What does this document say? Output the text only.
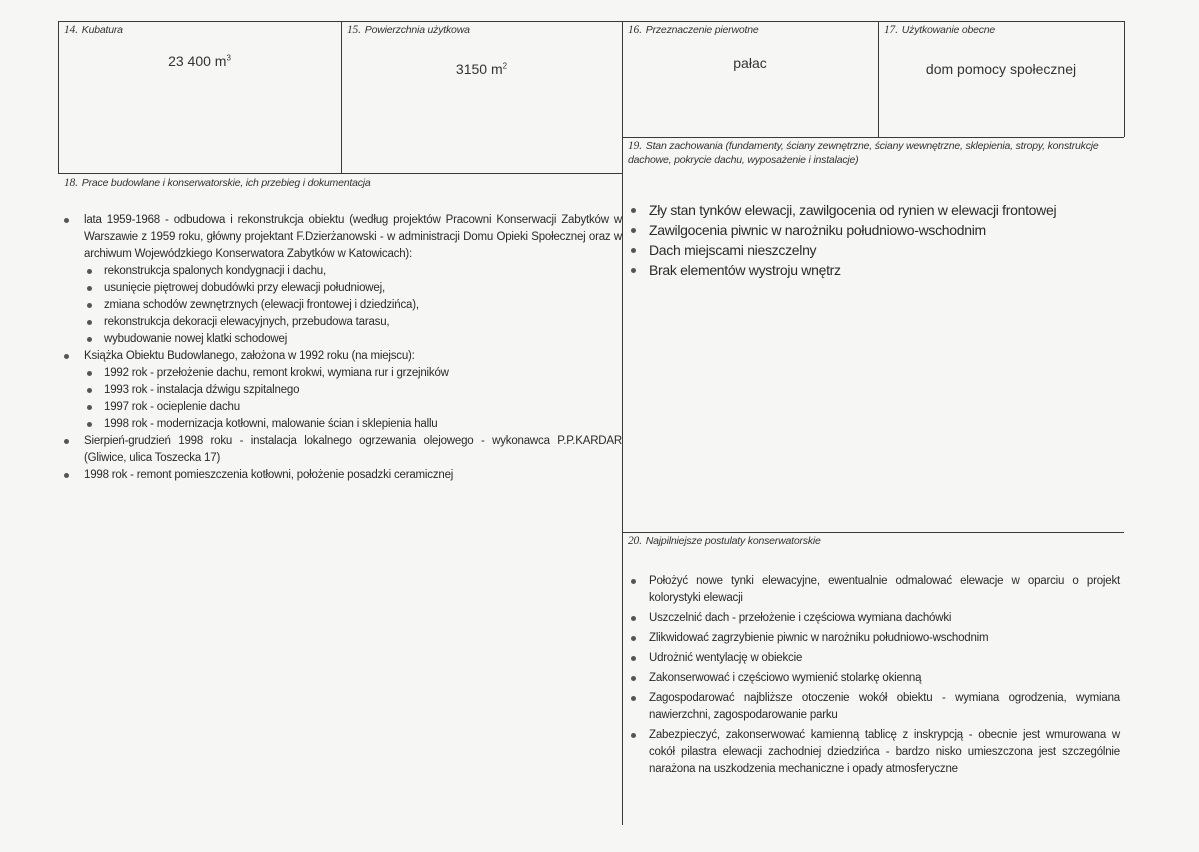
14. Kubatura
23 400 $m^3$
15. Powierzchnia użytkowa
3150 $m^2$
16. Przeznaczenie pierwotne
pałac
17. Użytkowanie obecne
dom pomocy społecznej
19. Stan zachowania (fundamenty, ściany zewnętrzne, ściany wewnętrzne, sklepienia, stropy, konstrukcje dachowe, pokrycie dachu, wyposażenie i instalacje)
18. Prace budowlane i konserwatorskie, ich przebieg i dokumentacja
lata 1959-1968 - odbudowa i rekonstrukcja obiektu (według projektów Pracowni Konserwacji Zabytków w Warszawie z 1959 roku, główny projektant F.Dzierżanowski - w administracji Domu Opieki Społecznej oraz w archiwum Wojewódzkiego Konserwatora Zabytków w Katowicach):
rekonstrukcja spalonych kondygnacji i dachu,
usunięcie piętrowej dobudówki przy elewacji południowej,
zmiana schodów zewnętrznych (elewacji frontowej i dziedzińca),
rekonstrukcja dekoracji elewacyjnych, przebudowa tarasu,
wybudowanie nowej klatki schodowej
Książka Obiektu Budowlanego, założona w 1992 roku (na miejscu):
1992 rok - przełożenie dachu, remont krokwi, wymiana rur i grzejników
1993 rok - instalacja dźwigu szpitalnego
1997 rok - ocieplenie dachu
1998 rok - modernizacja kotłowni, malowanie ścian i sklepienia hallu
Sierpień-grudzień 1998 roku - instalacja lokalnego ogrzewania olejowego - wykonawca P.P.KARDAR (Gliwice, ulica Toszecka 17)
1998 rok - remont pomieszczenia kotłowni, położenie posadzki ceramicznej
Zły stan tynków elewacji, zawilgocenia od rynien w elewacji frontowej
Zawilgocenia piwnic w narożniku południowo-wschodnim
Dach miejscami nieszczelny
Brak elementów wystroju wnętrz
20. Najpilniejsze postulaty konserwatorskie
Położyć nowe tynki elewacyjne, ewentualnie odmalować elewacje w oparciu o projekt kolorystyki elewacji
Uszczelnić dach - przełożenie i częściowa wymiana dachówki
Zlikwidować zagrzybienie piwnic w narożniku południowo-wschodnim
Udrożnić wentylację w obiekcie
Zakonserwować i częściowo wymienić stolarkę okienną
Zagospodarować najbliższe otoczenie wokół obiektu - wymiana ogrodzenia, wymiana nawierzchni, zagospodarowanie parku
Zabezpieczyć, zakonserwować kamienną tablicę z inskrypcją - obecnie jest wmurowana w cokół pilastra elewacji zachodniej dziedzińca - bardzo nisko umieszczona jest szczególnie narażona na uszkodzenia mechaniczne i opady atmosferyczne
